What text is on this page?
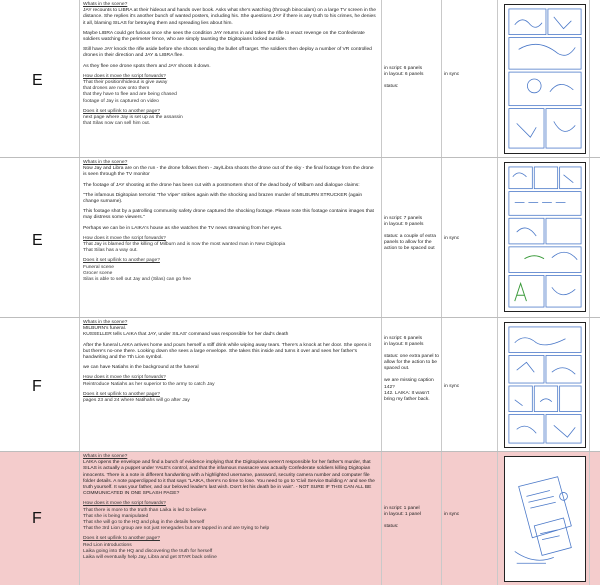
E
Whats in the scene?

JAY recounts to LIBRA at their hideout and hands over book. Asks what she's watching (through binoculars) on a large TV screen in the distance. She replies it's another bunch of wanted posters, including his. She questions JAY if there is any truth to his crimes, he denies it all, blaming SILAS for betraying them and spreading lies about him.

Maybe LIBRA could get furious once she sees the condition JAY returns in and takes the rifle to enact revenge on the Confederate soldiers watching the perimeter fence, who are simply taunting the Digitopians locked outside.

Still have JAY knock the rifle aside before she shoots sending the bullet off target. The soldiers then deploy a number of VR controlled drones in their direction and JAY & LIBRA flee.

As they flee one drone spots them and JAY shoots it down.

How does it move the script forwards?
That their position/hideout is give away
that drones are now onto them
that they have to flee and are being chased
footage of Jay is captured on video
Does it set up/link to another page?
next page where Jay is set up as the assassin
that Silas now can sell him out.
in script: 6 panels
in layout: 6 panels
status:
in sync
E
Whats in the scene?

Now Jay and Libra are on the run - the drone follows them - Jay/Libra shoots the drone out of the sky - the final footage from the drone is seen through the TV monitor

The footage of JAY shooting at the drone has been cut with a postmortem shot of the dead body of Milburn and dialogue claims:

"The infamous Digitopian terrorist 'The Viper' strikes again with the shocking and brazen murder of MILBURN STRUCKER (again change surname).

This footage shot by a patrolling community safety drone captured the shocking footage. Please note this footage contains images that may distress some viewers."

Perhaps we can be in LAIKA's house as she watches the TV news streaming from her eyes.

How does it move the script forwards?
That Jay is blamed for the killing of Milburn and is now the most wanted man in New Digitopia
That Silas has a way out.
Does it set up/link to another page?
Funeral scene
Grocer scene
Silas is able to sell out Jay and (Silas) can go free
in script: 7 panels
in layout: 9 panels
status: a couple of extra panels to allow for the action to be spaced out
in sync
F
Whats in the scene?

MILBURN's funeral.

KUSSELLER tells LAIKA that JAY, under SILAS' command was responsible for her dad's death

After the funeral LAIKA arrives home and pours herself a stiff drink while wiping away tears. There's a knock at her door. She opens it but there's no-one there. Looking down she sees a large envelope. She takes this inside and turns it over and sees her father's handwriting and the 7th Lion symbol.

we can have Natiahs in the background at the funeral

How does it move the script forwards?
Reintroduce Natiahs as her superior to the army to catch Jay
Does it set up/link to another page?
pages 23 and 24 where Natihahs will go after Jay
in script: 6 panels
in layout: 8 panels
status: one extra panel to allow for the action to be spaced out.
we are missing caption 142?
142. LAIKA: It wasn't bring my father back.
in sync
F
Whats in the scene?

LAIKA opens the envelope and find a bunch of evidence implying that the Digitopians weren't responsible for her father's murder, that SILAS is actually a puppet under YALE's control, and that the infamous massacre was actually Confederate soldiers killing Digitopian innocents. There is a note in different handwriting with a highlighted username, password, security camera number and computer file folder details. A note paperclipped to it that says "LAIKA, there's no time to lose. You need to go to 'Civil Service Building A' and see the truth yourself. It was your father, and our beloved leader's last wish. Don't let his death be in vain". - NOT SURE IF THIS CAN ALL BE COMMUNICATED IN ONE SPLASH PAGE?

How does it move the script forwards?
That there is more to the truth than Laika is led to believe
That she is being manipulated
That she will go to the HQ and plug in the details herself
That the 3rd Lion group are not just renegades but are tapped in and are trying to help
Does it set up/link to another page?
Red Lion introductions
Laika going into the HQ and discovering the truth for herself
Laika will eventually help Jay, Libra and get STAR back online
in script: 1 panel
in layout: 1 panel
status:
in sync
